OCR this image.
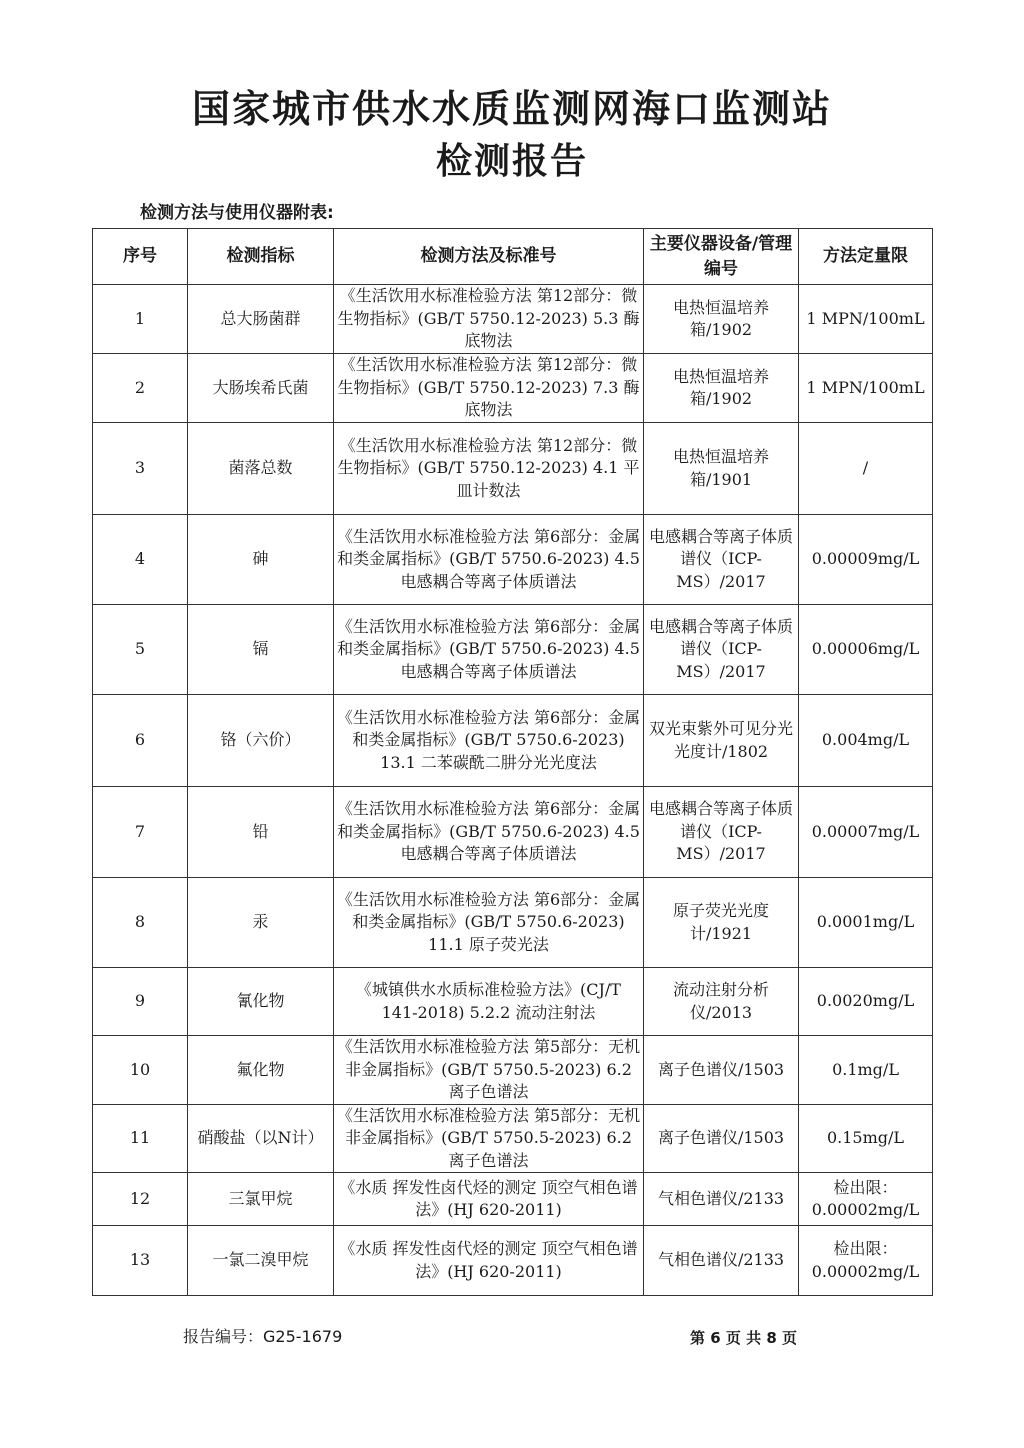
国家城市供水水质监测网海口监测站
检测报告
检测方法与使用仪器附表:
序号	检测指标	检测方法及标准号	主要仪器设备/管理编号	方法定量限
1	总大肠菌群	《生活饮用水标准检验方法 第12部分：微生物指标》(GB/T 5750.12-2023) 5.3 酶底物法	电热恒温培养箱/1902	1 MPN/100mL
2	大肠埃希氏菌	《生活饮用水标准检验方法 第12部分：微生物指标》(GB/T 5750.12-2023) 7.3 酶底物法	电热恒温培养箱/1902	1 MPN/100mL
3	菌落总数	《生活饮用水标准检验方法 第12部分：微生物指标》(GB/T 5750.12-2023) 4.1 平皿计数法	电热恒温培养箱/1901	/
4	砷	《生活饮用水标准检验方法 第6部分：金属和类金属指标》(GB/T 5750.6-2023) 4.5 电感耦合等离子体质谱法	电感耦合等离子体质谱仪（ICP-MS）/2017	0.00009mg/L
5	镉	《生活饮用水标准检验方法 第6部分：金属和类金属指标》(GB/T 5750.6-2023) 4.5 电感耦合等离子体质谱法	电感耦合等离子体质谱仪（ICP-MS）/2017	0.00006mg/L
6	铬（六价）	《生活饮用水标准检验方法 第6部分：金属和类金属指标》(GB/T 5750.6-2023) 13.1 二苯碳酰二肼分光光度法	双光束紫外可见分光光度计/1802	0.004mg/L
7	铅	《生活饮用水标准检验方法 第6部分：金属和类金属指标》(GB/T 5750.6-2023) 4.5 电感耦合等离子体质谱法	电感耦合等离子体质谱仪（ICP-MS）/2017	0.00007mg/L
8	汞	《生活饮用水标准检验方法 第6部分：金属和类金属指标》(GB/T 5750.6-2023) 11.1 原子荧光法	原子荧光光度计/1921	0.0001mg/L
9	氰化物	《城镇供水水质标准检验方法》(CJ/T 141-2018) 5.2.2 流动注射法	流动注射分析仪/2013	0.0020mg/L
10	氟化物	《生活饮用水标准检验方法 第5部分：无机非金属指标》(GB/T 5750.5-2023) 6.2 离子色谱法	离子色谱仪/1503	0.1mg/L
11	硝酸盐（以N计）	《生活饮用水标准检验方法 第5部分：无机非金属指标》(GB/T 5750.5-2023) 6.2 离子色谱法	离子色谱仪/1503	0.15mg/L
12	三氯甲烷	《水质 挥发性卤代烃的测定 顶空气相色谱法》(HJ 620-2011)	气相色谱仪/2133	检出限：0.00002mg/L
13	一氯二溴甲烷	《水质 挥发性卤代烃的测定 顶空气相色谱法》(HJ 620-2011)	气相色谱仪/2133	检出限：0.00002mg/L
报告编号：G25-1679	第 6 页 共 8 页
